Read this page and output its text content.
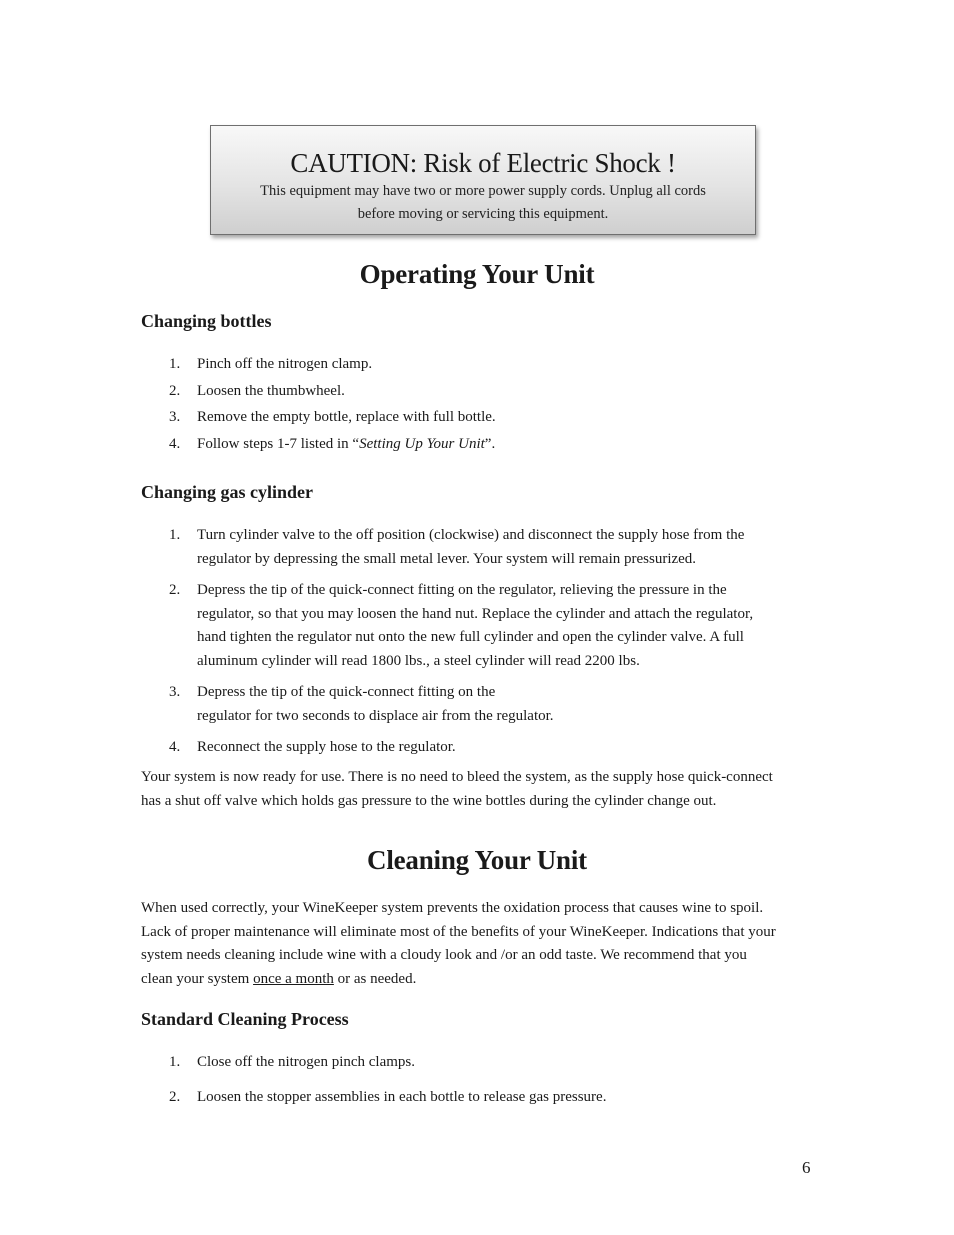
CAUTION: Risk of Electric Shock !
This equipment may have two or more power supply cords. Unplug all cords
before moving or servicing this equipment.
Operating Your Unit
Changing bottles
1. Pinch off the nitrogen clamp.
2. Loosen the thumbwheel.
3. Remove the empty bottle, replace with full bottle.
4. Follow steps 1-7 listed in “Setting Up Your Unit”.
Changing gas cylinder
1. Turn cylinder valve to the off position (clockwise) and disconnect the supply hose from the
regulator by depressing the small metal lever. Your system will remain pressurized.
2. Depress the tip of the quick-connect fitting on the regulator, relieving the pressure in the
regulator, so that you may loosen the hand nut. Replace the cylinder and attach the regulator,
hand tighten the regulator nut onto the new full cylinder and open the cylinder valve. A full
aluminum cylinder will read 1800 lbs., a steel cylinder will read 2200 lbs.
3. Depress the tip of the quick-connect fitting on the
regulator for two seconds to displace air from the regulator.
4. Reconnect the supply hose to the regulator.
Your system is now ready for use. There is no need to bleed the system, as the supply hose quick-connect
has a shut off valve which holds gas pressure to the wine bottles during the cylinder change out.
Cleaning Your Unit
When used correctly, your WineKeeper system prevents the oxidation process that causes wine to spoil.
Lack of proper maintenance will eliminate most of the benefits of your WineKeeper. Indications that your
system needs cleaning include wine with a cloudy look and /or an odd taste. We recommend that you
clean your system once a month or as needed.
Standard Cleaning Process
1. Close off the nitrogen pinch clamps.
2. Loosen the stopper assemblies in each bottle to release gas pressure.
6
